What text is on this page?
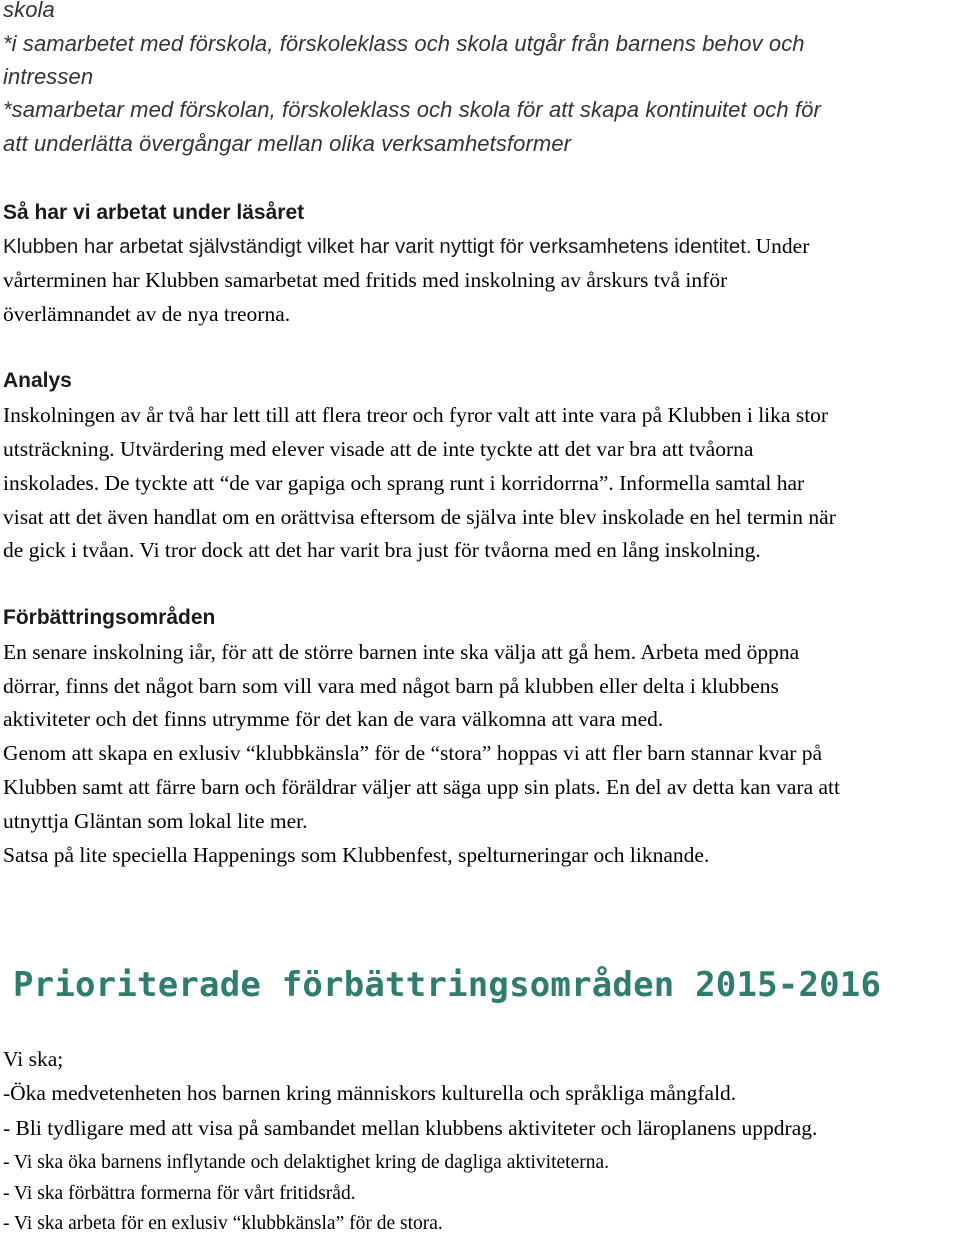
skola

*i samarbetet med förskola, förskoleklass och skola utgår från barnens behov och

intressen

*samarbetar med förskolan, förskoleklass och skola för att skapa kontinuitet och för

att underlätta övergångar mellan olika verksamhetsformer

Så har vi arbetat under läsåret

Klubben har arbetat självständigt vilket har varit nyttigt för verksamhetens identitet. Under

vårterminen har Klubben samarbetat med fritids med inskolning av årskurs två inför

överlämnandet av de nya treorna.

Analys

Inskolningen av år två har lett till att flera treor och fyror valt att inte vara på Klubben i lika stor

utsträckning. Utvärdering med elever visade att de inte tyckte att det var bra att tvåorna

inskolades. De tyckte att “de var gapiga och sprang runt i korridorrna”. Informella samtal har

visat att det även handlat om en orättvisa eftersom de själva inte blev inskolade en hel termin när

de gick i tvåan. Vi tror dock att det har varit bra just för tvåorna med en lång inskolning.

Förbättringsområden

En senare inskolning iår, för att de större barnen inte ska välja att gå hem. Arbeta med öppna

dörrar, finns det något barn som vill vara med något barn på klubben eller delta i klubbens

aktiviteter och det finns utrymme för det kan de vara välkomna att vara med.

Genom att skapa en exlusiv “klubbkänsla” för de “stora” hoppas vi att fler barn stannar kvar på

Klubben samt att färre barn och föräldrar väljer att säga upp sin plats. En del av detta kan vara att

utnyttja Gläntan som lokal lite mer.

Satsa på lite speciella Happenings som Klubbenfest, spelturneringar och liknande.

Prioriterade förbättringsområden 2015-2016

Vi ska;

-Öka medvetenheten hos barnen kring människors kulturella och språkliga mångfald.

- Bli tydligare med att visa på sambandet mellan klubbens aktiviteter och läroplanens uppdrag.

- Vi ska öka barnens inflytande och delaktighet kring de dagliga aktiviteterna.

- Vi ska förbättra formerna för vårt fritidsråd.

- Vi ska arbeta för en exlusiv “klubbkänsla” för de stora.
